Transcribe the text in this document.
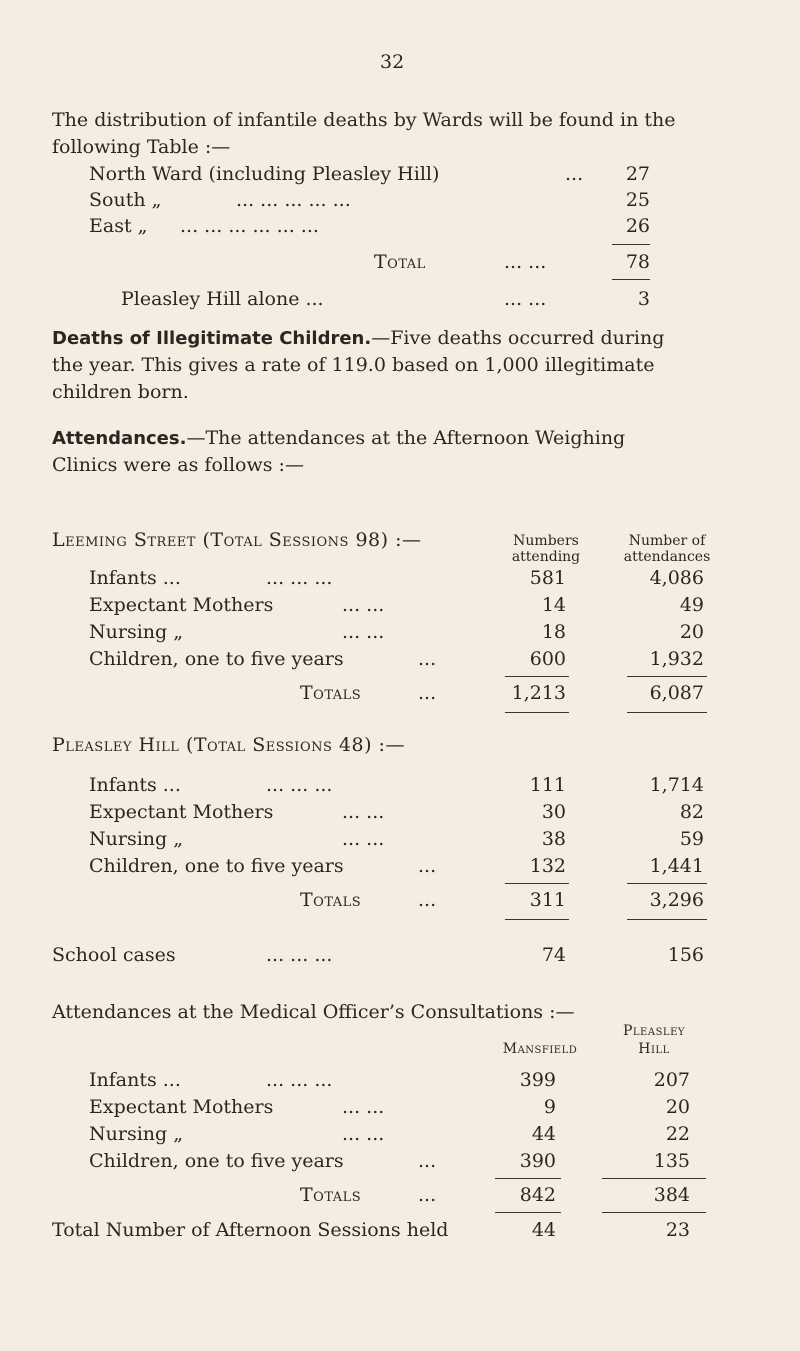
32
The distribution of infantile deaths by Wards will be found in the
following Table :—
North Ward (including Pleasley Hill)	...	27
South „	... ... ... ... ...	25
East „ ... ... ... ... ... ...	26
Total	... ...	78
Pleasley Hill alone ...	... ...	3
Deaths of Illegitimate Children.—Five deaths occurred during
the year. This gives a rate of 119.0 based on 1,000 illegitimate
children born.
Attendances.—The attendances at the Afternoon Weighing
Clinics were as follows :—
Leeming Street (Total Sessions 98) :—	Numbers
attending
Number of
attendances
Infants ...	... ... ...	581	4,086
Expectant Mothers	... ...	14	49
Nursing „	... ...	18	20
Children, one to five years	...	600	1,932
Totals	...	1,213	6,087
Pleasley Hill (Total Sessions 48) :—
Infants ...	... ... ...	111	1,714
Expectant Mothers	... ...	30	82
Nursing „	... ...	38	59
Children, one to five years	...	132	1,441
Totals	...	311	3,296
School cases	... ... ...	74	156
Attendances at the Medical Officer’s Consultations :—
Pleasley
Mansfield	Hill
Infants ...	... ... ...	399	207
Expectant Mothers	... ...	9	20
Nursing „	... ...	44	22
Children, one to five years	...	390	135
Totals	...	842	384
Total Number of Afternoon Sessions held	44	23
